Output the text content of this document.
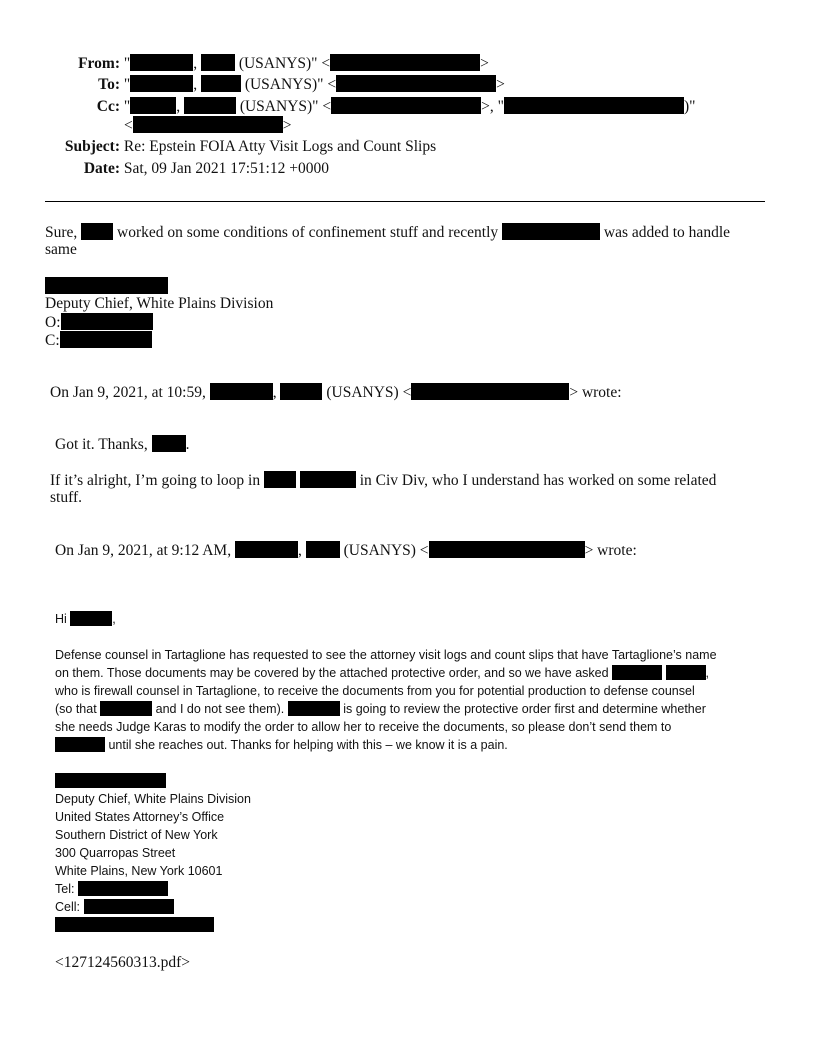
From: "	,	(USANYS)" <	>
To: "	,	(USANYS)" <	>
Cc: "	,	(USANYS)" <	>, "	)"
<	>
Subject: Re: Epstein FOIA Atty Visit Logs and Count Slips
Date: Sat, 09 Jan 2021 17:51:12 +0000
Sure,	worked on some conditions of confinement stuff and recently	was added to handle
same
Deputy Chief, White Plains Division
O:
C:
On Jan 9, 2021, at 10:59,	,	(USANYS) <	> wrote:
Got it. Thanks, .
If it’s alright, I’m going to loop in	in Civ Div, who I understand has worked on some related
stuff.
On Jan 9, 2021, at 9:12 AM,	,	(USANYS) <	> wrote:
Hi	,
Defense counsel in Tartaglione has requested to see the attorney visit logs and count slips that have Tartaglione’s name
on them. Those documents may be covered by the attached protective order, and so we have asked	,
who is firewall counsel in Tartaglione, to receive the documents from you for potential production to defense counsel
(so that	and I do not see them).	is going to review the protective order first and determine whether
she needs Judge Karas to modify the order to allow her to receive the documents, so please don’t send them to
until she reaches out. Thanks for helping with this – we know it is a pain.
Deputy Chief, White Plains Division
United States Attorney’s Office
Southern District of New York
300 Quarropas Street
White Plains, New York 10601
Tel:
Cell:
<127124560313.pdf>
